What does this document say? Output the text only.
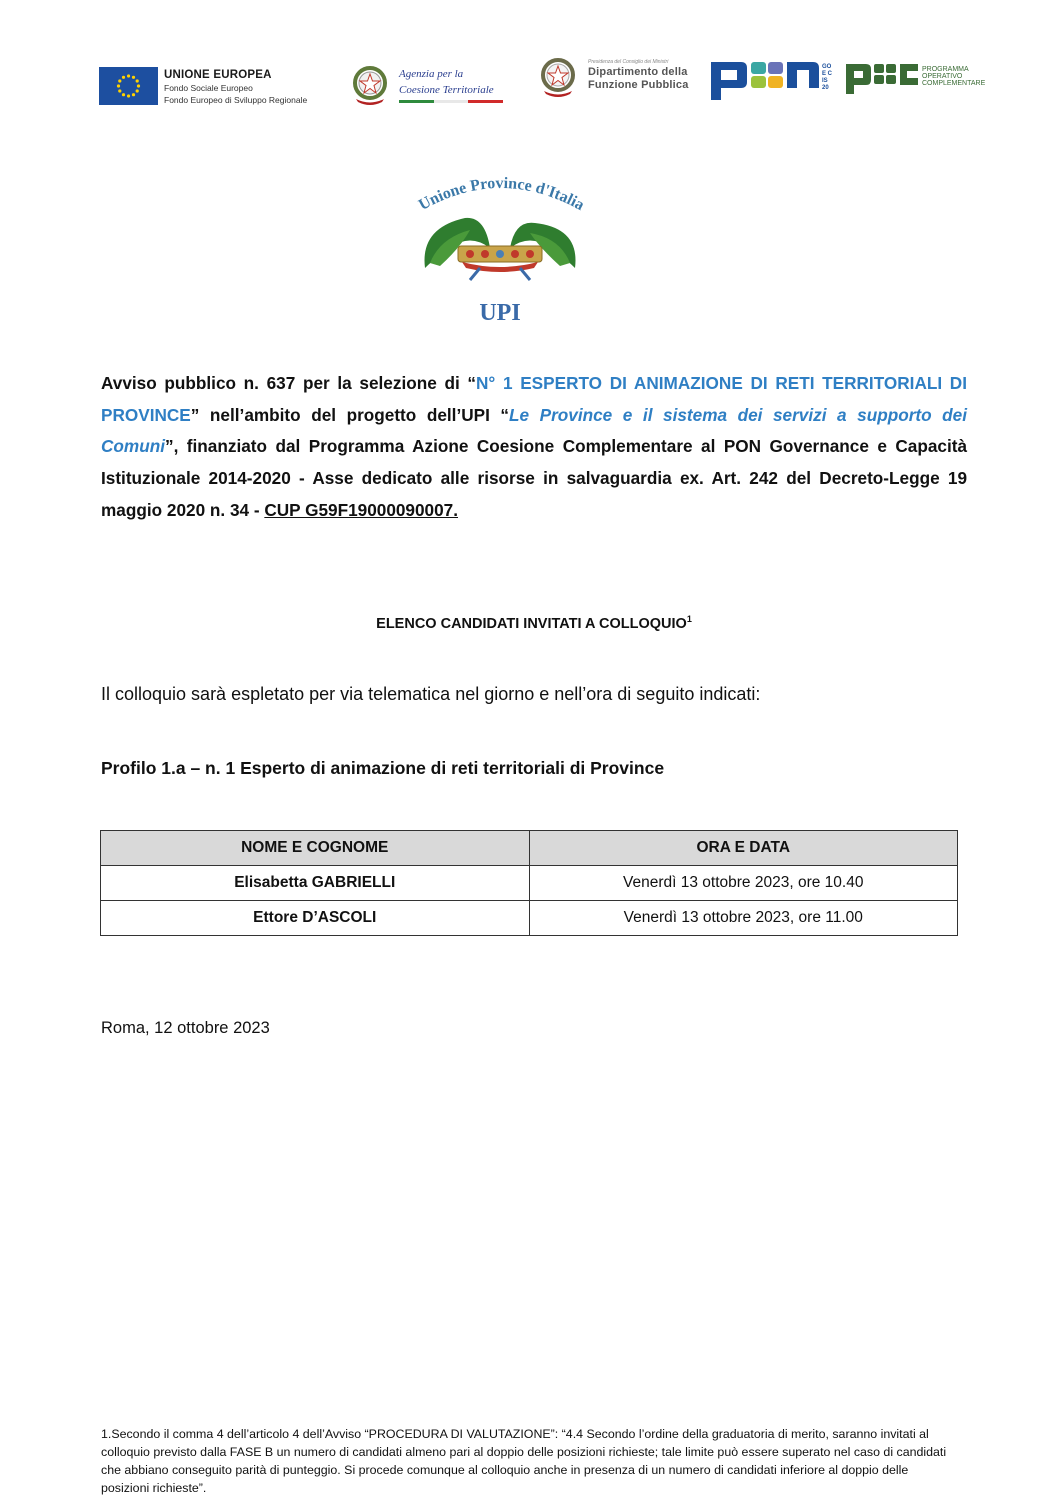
UNIONE EUROPEA
Fondo Sociale Europeo
Fondo Europeo di Sviluppo Regionale
Agenzia per la
Coesione Territoriale
Presidenza del Consiglio dei Ministri
Dipartimento della
Funzione Pubblica
GO
E C
IS
20
PROGRAMMA
OPERATIVO
COMPLEMENTARE
Unione Province d'Italia
UPI
Avviso pubblico n. 637 per la selezione di “N° 1 ESPERTO DI ANIMAZIONE DI RETI TERRITORIALI DI PROVINCE” nell’ambito del progetto dell’UPI “Le Province e il sistema dei servizi a supporto dei Comuni”, finanziato dal Programma Azione Coesione Complementare al PON Governance e Capacità Istituzionale 2014-2020 - Asse dedicato alle risorse in salvaguardia ex. Art. 242 del Decreto-Legge 19 maggio 2020 n. 34 - CUP G59F19000090007.
ELENCO CANDIDATI INVITATI A COLLOQUIO$^1$
Il colloquio sarà espletato per via telematica nel giorno e nell’ora di seguito indicati:
Profilo 1.a – n. 1 Esperto di animazione di reti territoriali di Province
NOME E COGNOME	ORA E DATA
Elisabetta GABRIELLI	Venerdì 13 ottobre 2023, ore 10.40
Ettore D’ASCOLI	Venerdì 13 ottobre 2023, ore 11.00
Roma, 12 ottobre 2023
1.Secondo il comma 4 dell’articolo 4 dell’Avviso “PROCEDURA DI VALUTAZIONE”: “4.4 Secondo l’ordine della graduatoria di merito, saranno invitati al colloquio previsto dalla FASE B un numero di candidati almeno pari al doppio delle posizioni richieste; tale limite può essere superato nel caso di candidati che abbiano conseguito parità di punteggio. Si procede comunque al colloquio anche in presenza di un numero di candidati inferiore al doppio delle posizioni richieste”.
